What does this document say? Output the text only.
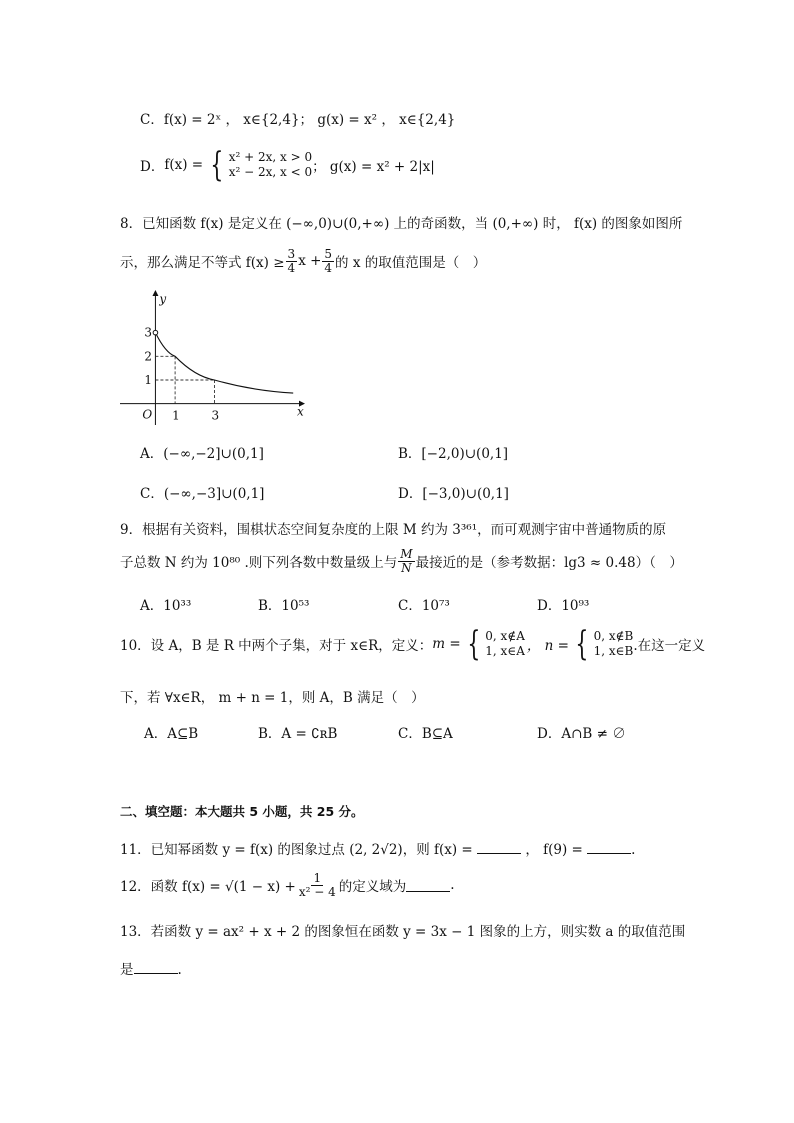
C．f(x) = 2ˣ ， x∈{2,4}； g(x) = x² ， x∈{2,4}
D． f(x) = { x² + 2x, x > 0
x² − 2x, x < 0 ； g(x) = x² + 2|x|
8．已知函数 f(x) 是定义在 (−∞,0)∪(0,+∞) 上的奇函数，当 (0,+∞) 时， f(x) 的图象如图所
示，那么满足不等式 $f(x) \ge \frac{3}{4}$ $x + \frac{5}{4}$ 的 x 的取值范围是（　）
x
y
O
1
2
3
1	3
A．(−∞,−2]∪(0,1]	B．[−2,0)∪(0,1]
C．(−∞,−3]∪(0,1]	D．[−3,0)∪(0,1]
9．根据有关资料，围棋状态空间复杂度的上限 M 约为 3³⁶¹，而可观测宇宙中普通物质的原
子总数 N 约为 10⁸⁰ .则下列各数中数量级上与 $\frac{M}{N}$ 最接近的是（参考数据：lg3 ≈ 0.48）（　）
A．10³³	B．10⁵³	C．10⁷³	D．10⁹³
10．设 A，B 是 R 中两个子集，对于 x∈R，定义： m = { 0, x∉A
1, x∈A ， n = { 0, x∉B
1, x∈B .在这一定义
下，若 ∀x∈R， m + n = 1，则 A，B 满足（　）
A．A⊆B	B．A = ∁ʀB	C．B⊆A	D．A∩B ≠ ∅
二、填空题：本大题共 5 小题，共 25 分。
11．已知幂函数 y = f(x) 的图象过点 (2, 2√2)，则 f(x) =	， f(9) =	.
12．函数 $f(x) = √(1 - x) + \frac{1}{\text{x² − 4}}$ 的定义域为	.
13．若函数 y = ax² + x + 2 的图象恒在函数 y = 3x − 1 图象的上方，则实数 a 的取值范围
是	.
